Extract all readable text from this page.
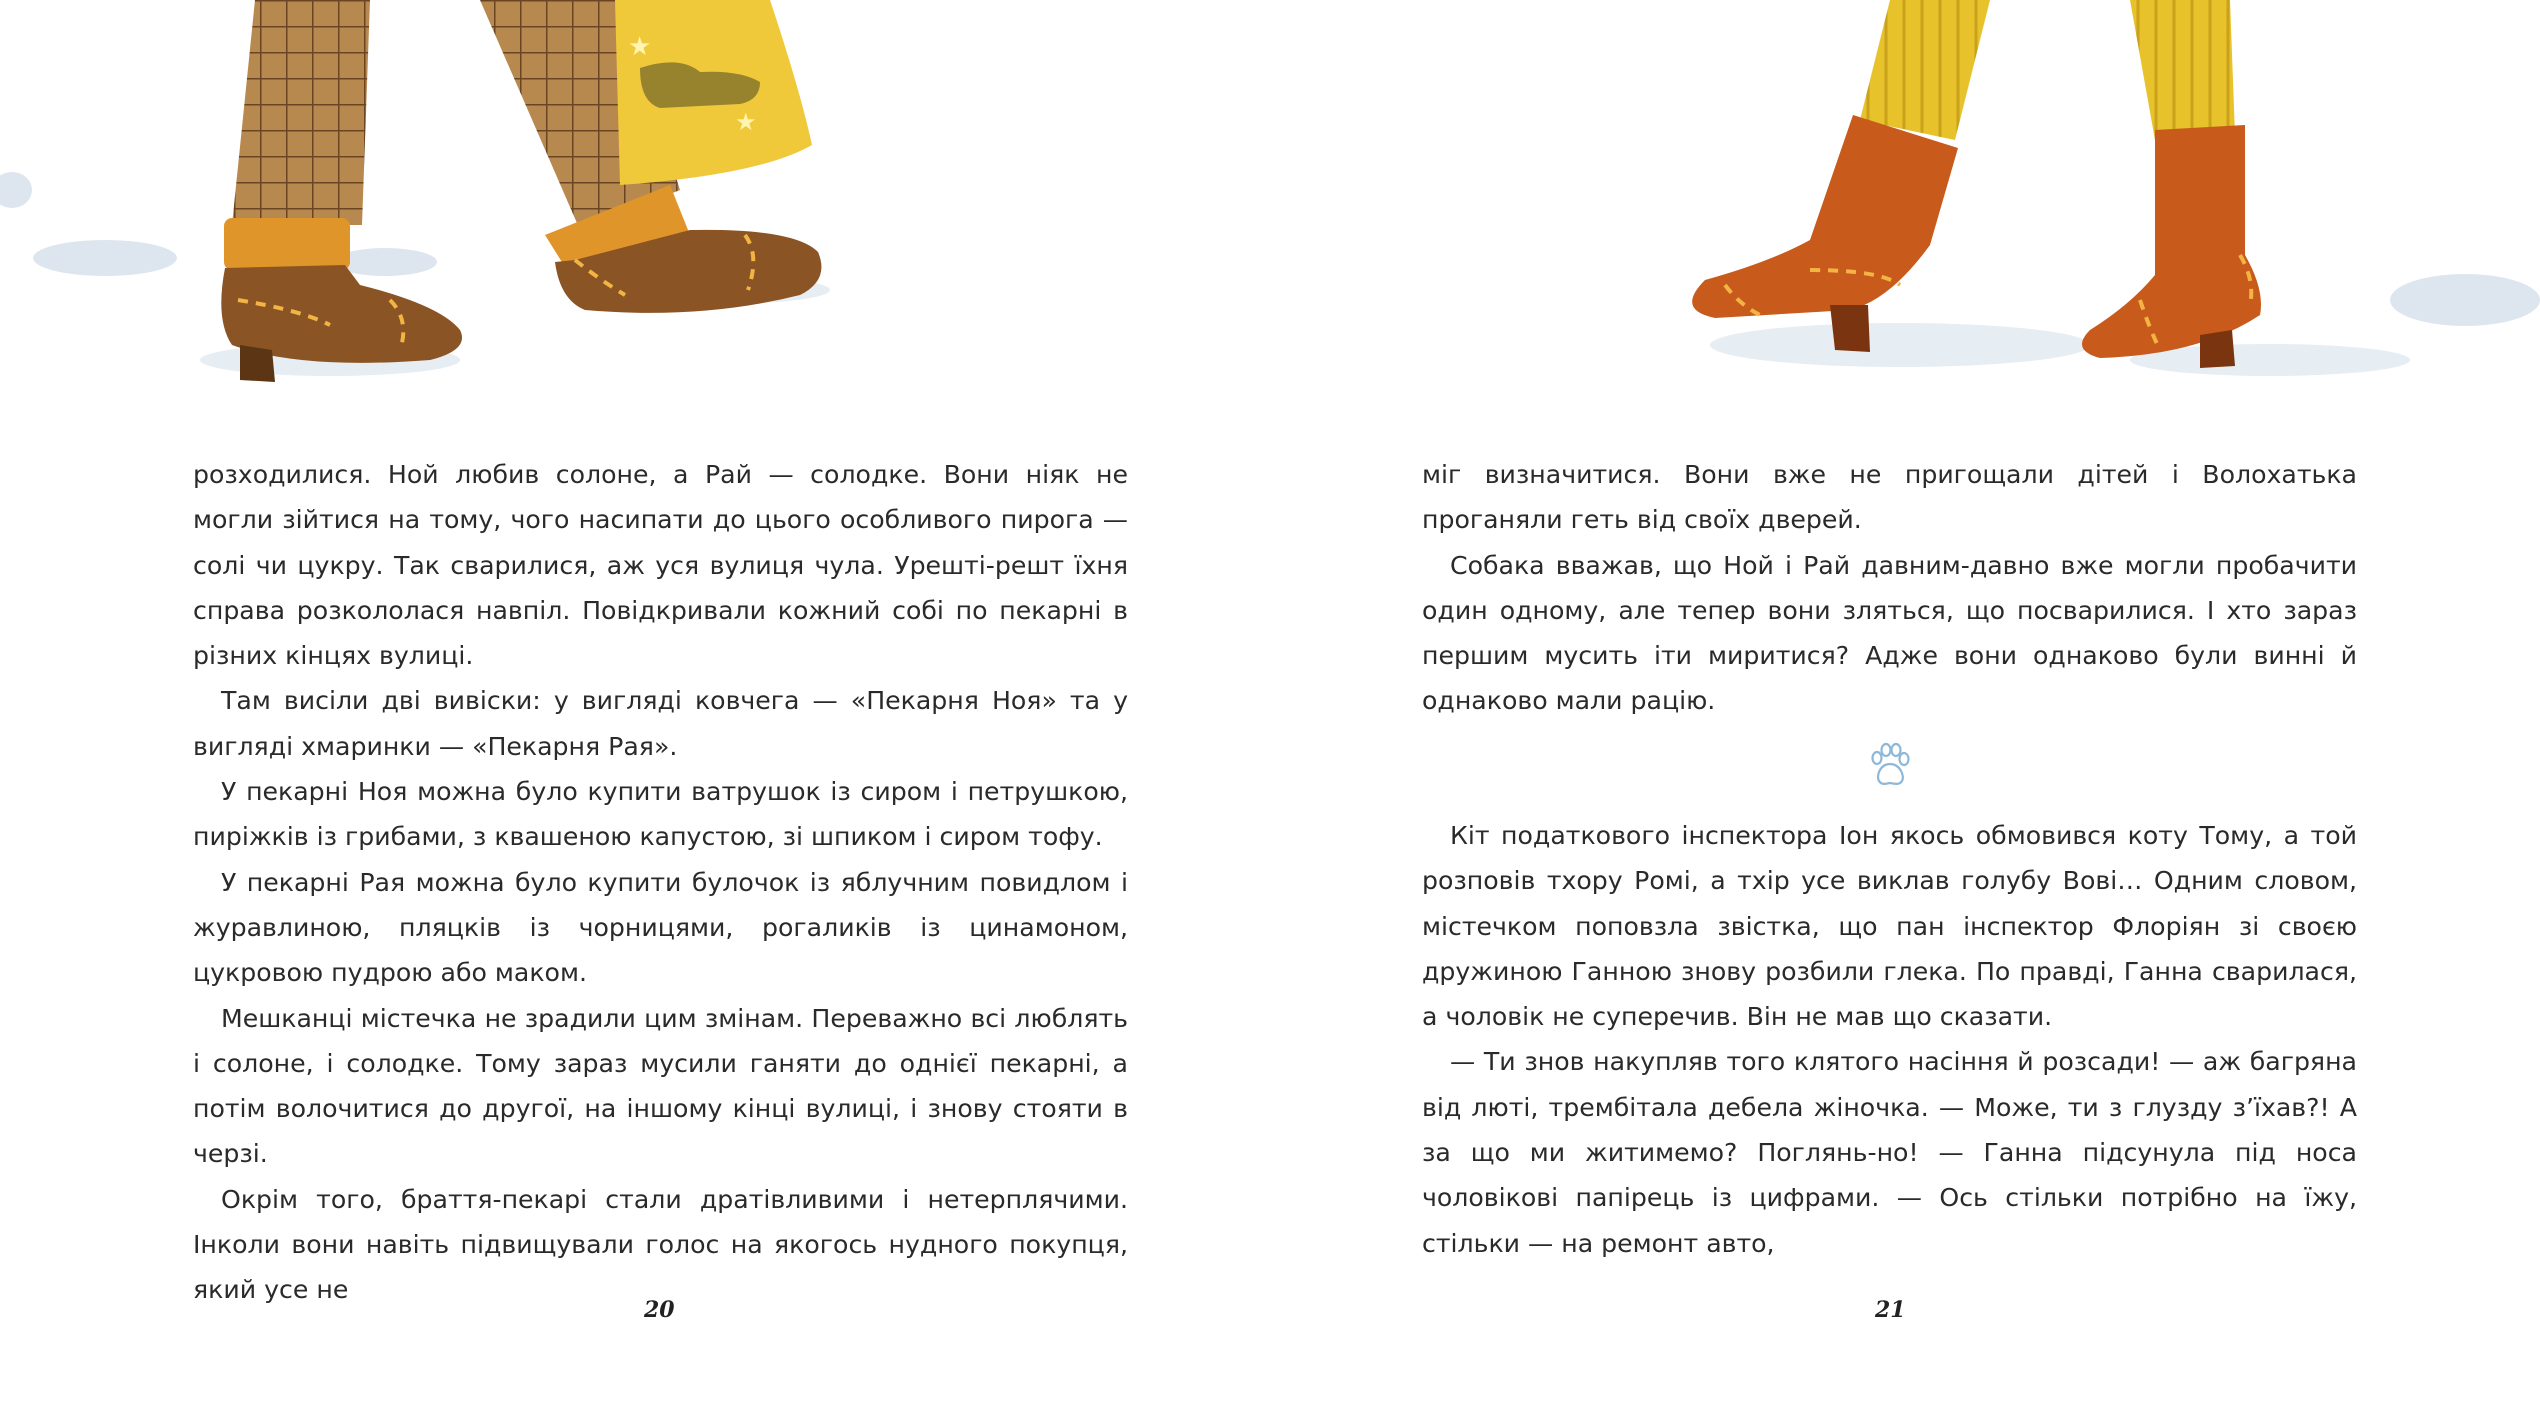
★
★

розходилися. Ной любив солоне, а Рай — солодке. Вони ніяк не могли зійтися на тому, чого насипати до цього особливого пирога — солі чи цукру. Так сварилися, аж уся вулиця чула. Урешті-решт їхня справа розкололася навпіл. Повідкривали кожний собі по пекарні в різних кінцях вулиці.

Там висіли дві вивіски: у вигляді ковчега — «Пекарня Ноя» та у вигляді хмаринки — «Пекарня Рая».

У пекарні Ноя можна було купити ватрушок із сиром і петрушкою, пиріжків із грибами, з квашеною капустою, зі шпиком і сиром тофу.

У пекарні Рая можна було купити булочок із яблучним повидлом і журавлиною, пляцків із чорницями, рогаликів із цинамоном, цукровою пудрою або маком.

Мешканці містечка не зрадили цим змінам. Переважно всі люблять і солоне, і солодке. Тому зараз мусили ганяти до однієї пекарні, а потім волочитися до другої, на іншому кінці вулиці, і знову стояти в черзі.

Окрім того, браття-пекарі стали дратівливими і нетерплячими. Інколи вони навіть підвищували голос на якогось нудного покупця, який усе не

міг визначитися. Вони вже не пригощали дітей і Волохатька проганяли геть від своїх дверей.

Собака вважав, що Ной і Рай давним-давно вже могли пробачити один одному, але тепер вони зляться, що посварилися. І хто зараз першим мусить іти миритися? Адже вони однаково були винні й однаково мали рацію.

Кіт податкового інспектора Іон якось обмовився коту Тому, а той розповів тхору Ромі, а тхір усе виклав голубу Вові… Одним словом, містечком поповзла звістка, що пан інспектор Флоріян зі своєю дружиною Ганною знову розбили глека. По правді, Ганна сварилася, а чоловік не суперечив. Він не мав що сказати.

— Ти знов накупляв того клятого насіння й розсади! — аж багряна від люті, трембітала дебела жіночка. — Може, ти з глузду з’їхав?! А за що ми житимемо? Поглянь-но! — Ганна підсунула під носа чоловікові папірець із цифрами. — Ось стільки потрібно на їжу, стільки — на ремонт авто,

20	21
